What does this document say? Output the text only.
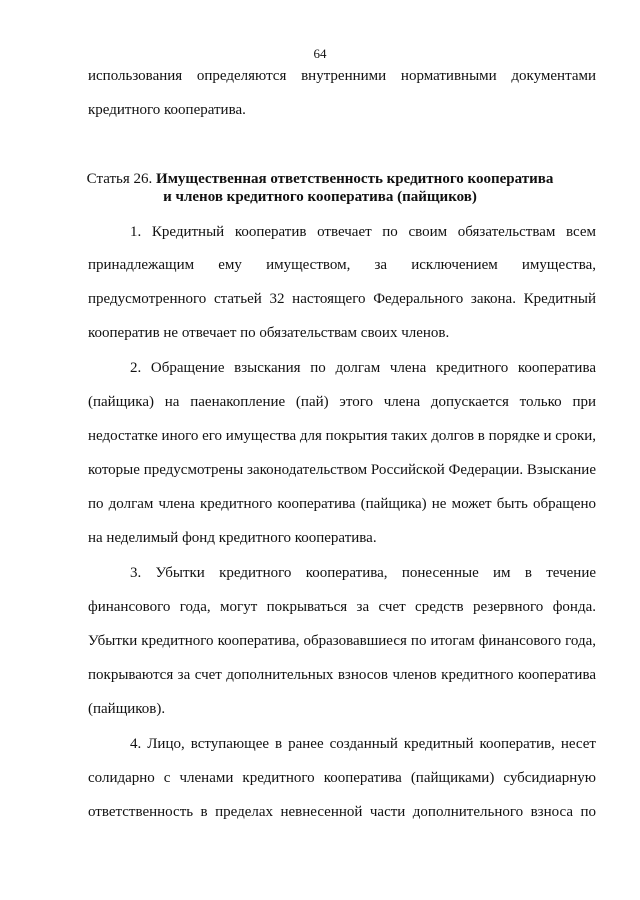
64
использования определяются внутренними нормативными документами
кредитного кооператива.
Статья 26. Имущественная ответственность кредитного кооператива
и членов кредитного кооператива (пайщиков)
1. Кредитный кооператив отвечает по своим обязательствам всем
принадлежащим ему имуществом, за исключением имущества,
предусмотренного статьей 32 настоящего Федерального закона. Кредитный
кооператив не отвечает по обязательствам своих членов.
2. Обращение взыскания по долгам члена кредитного кооператива
(пайщика) на паенакопление (пай) этого члена допускается только при
недостатке иного его имущества для покрытия таких долгов в порядке и сроки,
которые предусмотрены законодательством Российской Федерации. Взыскание
по долгам члена кредитного кооператива (пайщика) не может быть обращено
на неделимый фонд кредитного кооператива.
3. Убытки кредитного кооператива, понесенные им в течение
финансового года, могут покрываться за счет средств резервного фонда.
Убытки кредитного кооператива, образовавшиеся по итогам финансового года,
покрываются за счет дополнительных взносов членов кредитного кооператива
(пайщиков).
4. Лицо, вступающее в ранее созданный кредитный кооператив, несет
солидарно с членами кредитного кооператива (пайщиками) субсидиарную
ответственность в пределах невнесенной части дополнительного взноса по
